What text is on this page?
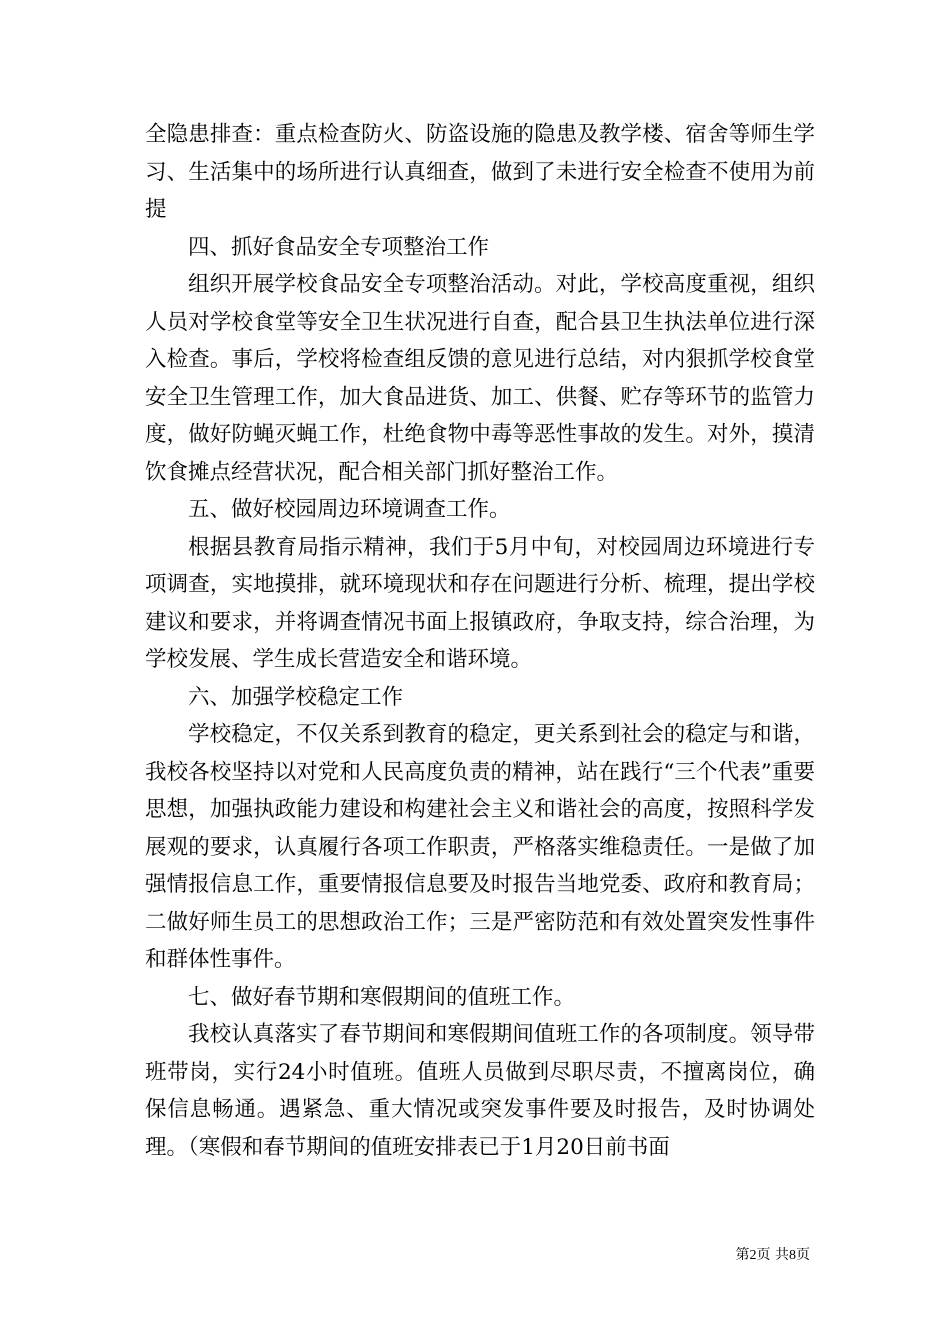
全隐患排查：重点检查防火、防盗设施的隐患及教学楼、宿舍等师生学习、生活集中的场所进行认真细查，做到了未进行安全检查不使用为前提

四、抓好食品安全专项整治工作

组织开展学校食品安全专项整治活动。对此，学校高度重视，组织人员对学校食堂等安全卫生状况进行自查，配合县卫生执法单位进行深入检查。事后，学校将检查组反馈的意见进行总结，对内狠抓学校食堂安全卫生管理工作，加大食品进货、加工、供餐、贮存等环节的监管力度，做好防蝇灭蝇工作，杜绝食物中毒等恶性事故的发生。对外，摸清饮食摊点经营状况，配合相关部门抓好整治工作。

五、做好校园周边环境调查工作。

根据县教育局指示精神，我们于5月中旬，对校园周边环境进行专项调查，实地摸排，就环境现状和存在问题进行分析、梳理，提出学校建议和要求，并将调查情况书面上报镇政府，争取支持，综合治理，为学校发展、学生成长营造安全和谐环境。

六、加强学校稳定工作

学校稳定，不仅关系到教育的稳定，更关系到社会的稳定与和谐，我校各校坚持以对党和人民高度负责的精神，站在践行“三个代表”重要思想，加强执政能力建设和构建社会主义和谐社会的高度，按照科学发展观的要求，认真履行各项工作职责，严格落实维稳责任。一是做了加强情报信息工作，重要情报信息要及时报告当地党委、政府和教育局；二做好师生员工的思想政治工作；三是严密防范和有效处置突发性事件和群体性事件。

七、做好春节期和寒假期间的值班工作。

我校认真落实了春节期间和寒假期间值班工作的各项制度。领导带班带岗，实行24小时值班。值班人员做到尽职尽责，不擅离岗位，确保信息畅通。遇紧急、重大情况或突发事件要及时报告，及时协调处理。（寒假和春节期间的值班安排表已于1月20日前书面

第2页 共8页
